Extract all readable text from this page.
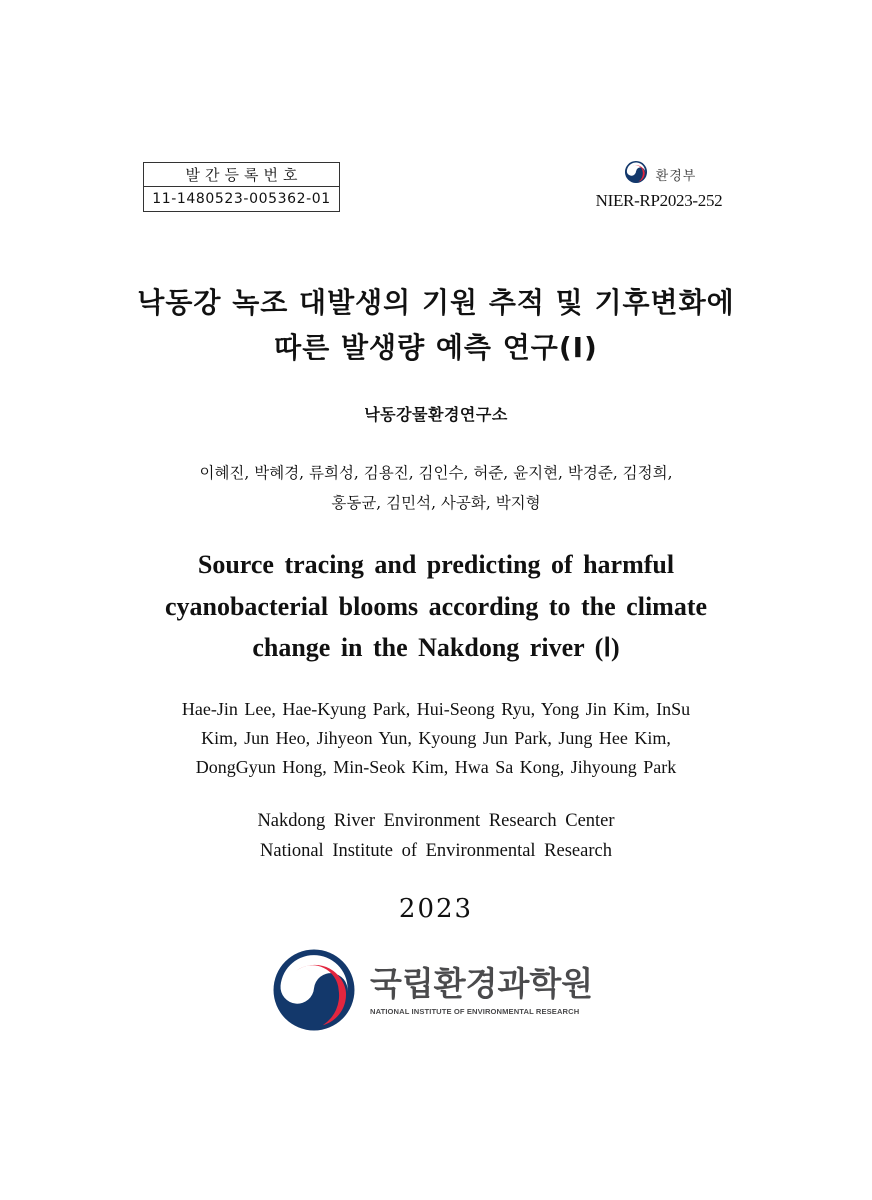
발간등록번호
11-1480523-005362-01
환경부
NIER-RP2023-252
낙동강 녹조 대발생의 기원 추적 및 기후변화에
따른 발생량 예측 연구(Ⅰ)
낙동강물환경연구소
이혜진, 박혜경, 류희성, 김용진, 김인수, 허준, 윤지현, 박경준, 김정희,
홍동균, 김민석, 사공화, 박지형
Source tracing and predicting of harmful
cyanobacterial blooms according to the climate
change in the Nakdong river (Ⅰ)
Hae-Jin Lee, Hae-Kyung Park, Hui-Seong Ryu, Yong Jin Kim, InSu
Kim, Jun Heo, Jihyeon Yun, Kyoung Jun Park, Jung Hee Kim,
DongGyun Hong, Min-Seok Kim, Hwa Sa Kong, Jihyoung Park
Nakdong River Environment Research Center
National Institute of Environmental Research
2023
국립환경과학원
NATIONAL INSTITUTE OF ENVIRONMENTAL RESEARCH
